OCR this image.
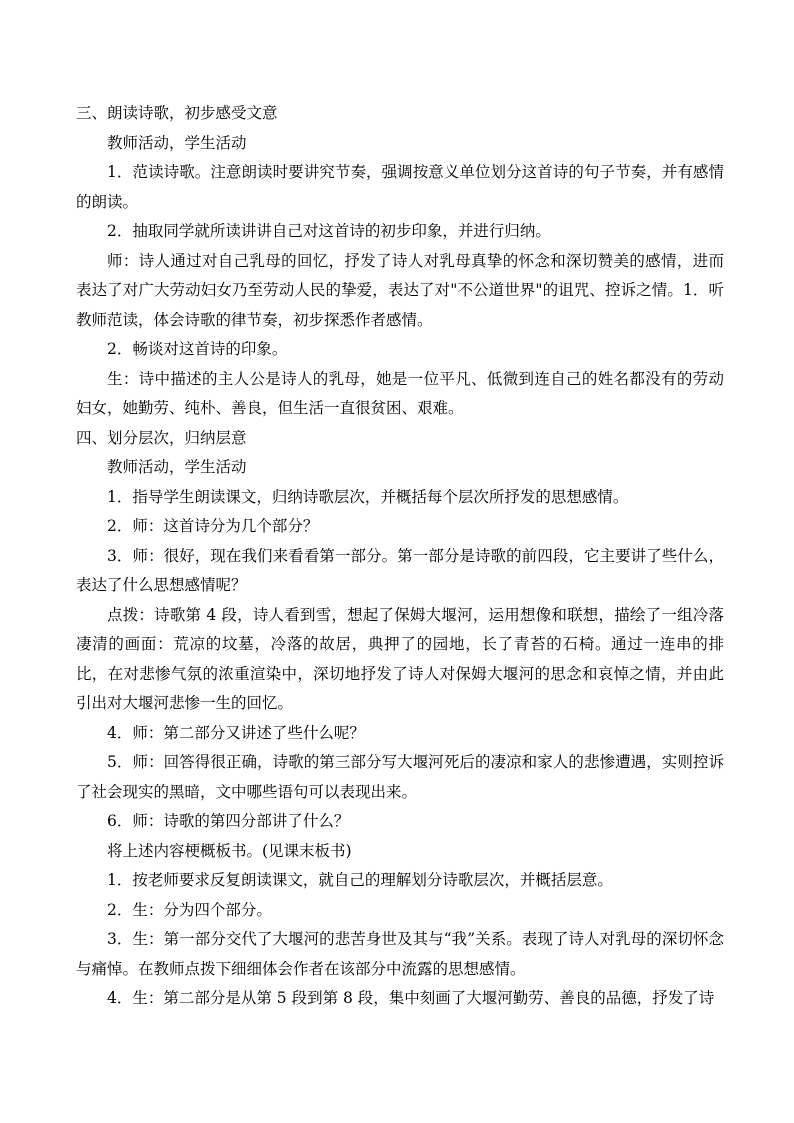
三、朗读诗歌，初步感受文意

教师活动，学生活动

1．范读诗歌。注意朗读时要讲究节奏，强调按意义单位划分这首诗的句子节奏，并有感情的朗读。

2．抽取同学就所读讲讲自己对这首诗的初步印象，并进行归纳。

师：诗人通过对自己乳母的回忆，抒发了诗人对乳母真挚的怀念和深切赞美的感情，进而表达了对广大劳动妇女乃至劳动人民的挚爱，表达了对"不公道世界"的诅咒、控诉之情。1．听教师范读，体会诗歌的律节奏，初步探悉作者感情。

2．畅谈对这首诗的印象。

生：诗中描述的主人公是诗人的乳母，她是一位平凡、低微到连自己的姓名都没有的劳动妇女，她勤劳、纯朴、善良，但生活一直很贫困、艰难。

四、划分层次，归纳层意

教师活动，学生活动

1．指导学生朗读课文，归纳诗歌层次，并概括每个层次所抒发的思想感情。

2．师：这首诗分为几个部分？

3．师：很好，现在我们来看看第一部分。第一部分是诗歌的前四段，它主要讲了些什么，表达了什么思想感情呢？

点拨：诗歌第 4 段，诗人看到雪，想起了保姆大堰河，运用想像和联想，描绘了一组冷落凄清的画面：荒凉的坟墓，冷落的故居，典押了的园地，长了青苔的石椅。通过一连串的排比，在对悲惨气氛的浓重渲染中，深切地抒发了诗人对保姆大堰河的思念和哀悼之情，并由此引出对大堰河悲惨一生的回忆。

4．师：第二部分又讲述了些什么呢？

5．师：回答得很正确，诗歌的第三部分写大堰河死后的凄凉和家人的悲惨遭遇，实则控诉了社会现实的黑暗，文中哪些语句可以表现出来。

6．师：诗歌的第四分部讲了什么？

将上述内容梗概板书。(见课末板书)

1．按老师要求反复朗读课文，就自己的理解划分诗歌层次，并概括层意。

2．生：分为四个部分。

3．生：第一部分交代了大堰河的悲苦身世及其与“我”关系。表现了诗人对乳母的深切怀念与痛悼。在教师点拨下细细体会作者在该部分中流露的思想感情。

4．生：第二部分是从第 5 段到第 8 段，集中刻画了大堰河勤劳、善良的品德，抒发了诗
